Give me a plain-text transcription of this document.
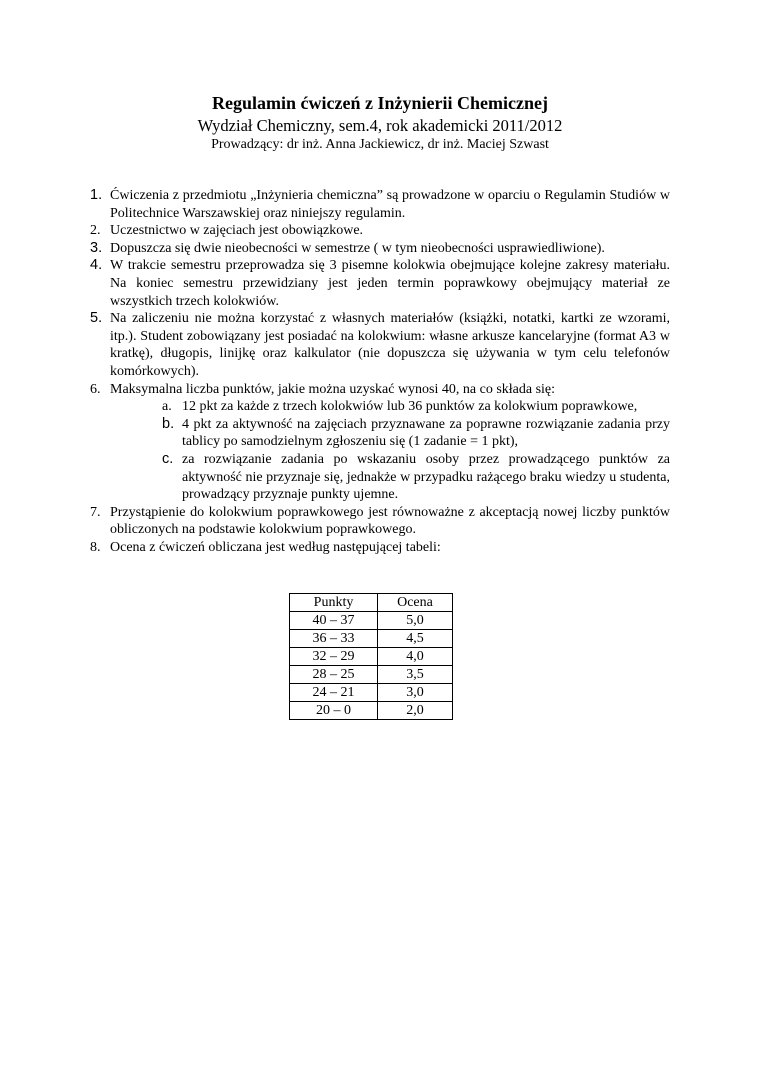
Regulamin ćwiczeń z Inżynierii Chemicznej
Wydział Chemiczny, sem.4, rok akademicki 2011/2012
Prowadzący: dr inż. Anna Jackiewicz, dr inż. Maciej Szwast
1. Ćwiczenia z przedmiotu „Inżynieria chemiczna” są prowadzone w oparciu o Regulamin Studiów w Politechnice Warszawskiej oraz niniejszy regulamin.
2. Uczestnictwo w zajęciach jest obowiązkowe.
3. Dopuszcza się dwie nieobecności w semestrze ( w tym nieobecności usprawiedliwione).
4. W trakcie semestru przeprowadza się 3 pisemne kolokwia obejmujące kolejne zakresy materiału. Na koniec semestru przewidziany jest jeden termin poprawkowy obejmujący materiał ze wszystkich trzech kolokwiów.
5. Na zaliczeniu nie można korzystać z własnych materiałów (książki, notatki, kartki ze wzorami, itp.). Student zobowiązany jest posiadać na kolokwium: własne arkusze kancelaryjne (format A3 w kratkę), długopis, linijkę oraz kalkulator (nie dopuszcza się używania w tym celu telefonów komórkowych).
6. Maksymalna liczba punktów, jakie można uzyskać wynosi 40, na co składa się:
a. 12 pkt za każde z trzech kolokwiów lub 36 punktów za kolokwium poprawkowe,
b. 4 pkt za aktywność na zajęciach przyznawane za poprawne rozwiązanie zadania przy tablicy po samodzielnym zgłoszeniu się (1 zadanie = 1 pkt),
c. za rozwiązanie zadania po wskazaniu osoby przez prowadzącego punktów za aktywność nie przyznaje się, jednakże w przypadku rażącego braku wiedzy u studenta, prowadzący przyznaje punkty ujemne.
7. Przystąpienie do kolokwium poprawkowego jest równoważne z akceptacją nowej liczby punktów obliczonych na podstawie kolokwium poprawkowego.
8. Ocena z ćwiczeń obliczana jest według następującej tabeli:
Punkty	Ocena
40 – 37	5,0
36 – 33	4,5
32 – 29	4,0
28 – 25	3,5
24 – 21	3,0
20 – 0	2,0
